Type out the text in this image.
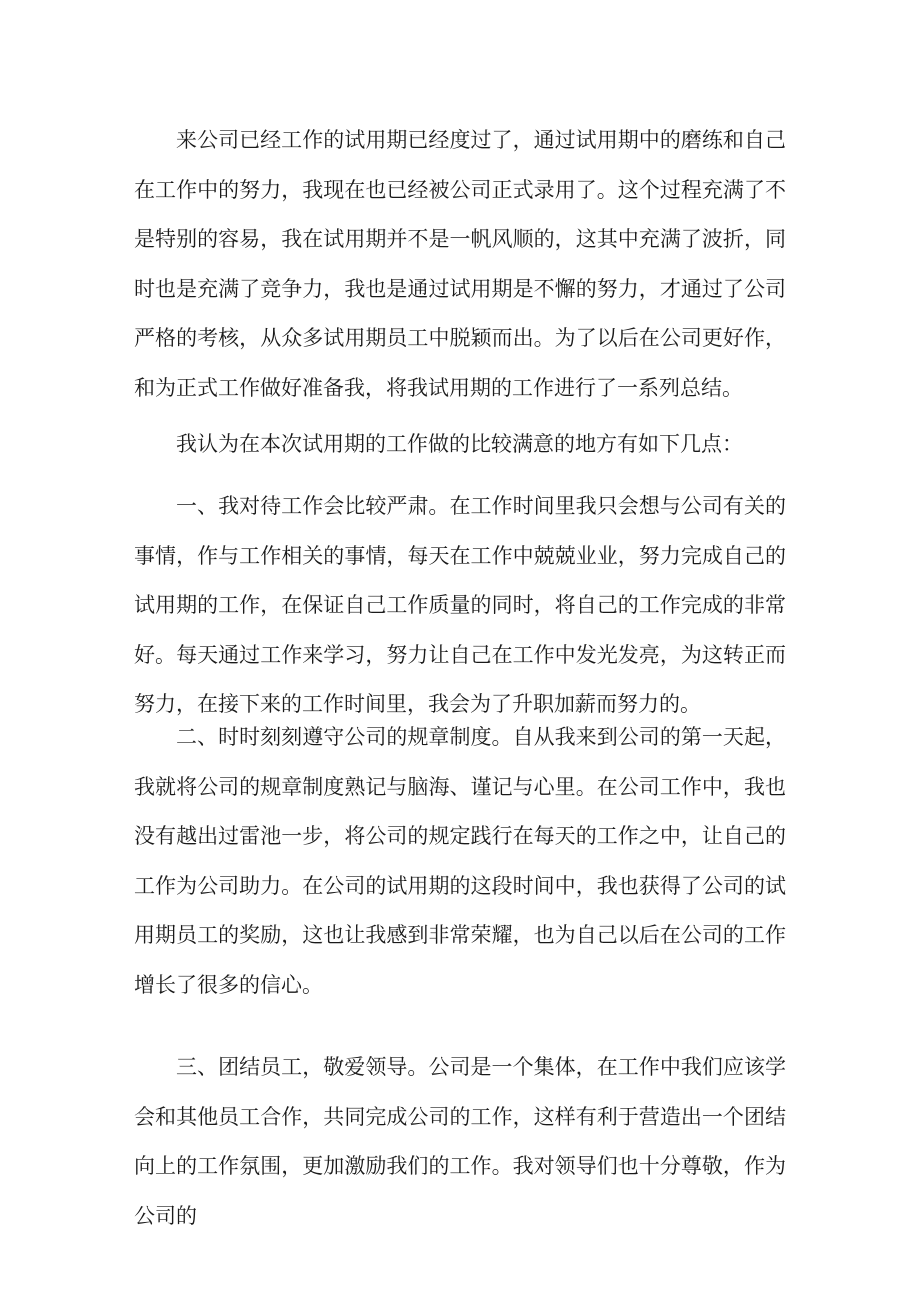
来公司已经工作的试用期已经度过了，通过试用期中的磨练和自己在工作中的努力，我现在也已经被公司正式录用了。这个过程充满了不是特别的容易，我在试用期并不是一帆风顺的，这其中充满了波折，同时也是充满了竞争力，我也是通过试用期是不懈的努力，才通过了公司严格的考核，从众多试用期员工中脱颖而出。为了以后在公司更好作，和为正式工作做好准备我，将我试用期的工作进行了一系列总结。

我认为在本次试用期的工作做的比较满意的地方有如下几点：

一、我对待工作会比较严肃。在工作时间里我只会想与公司有关的事情，作与工作相关的事情，每天在工作中兢兢业业，努力完成自己的试用期的工作，在保证自己工作质量的同时，将自己的工作完成的非常好。每天通过工作来学习，努力让自己在工作中发光发亮，为这转正而努力，在接下来的工作时间里，我会为了升职加薪而努力的。

二、时时刻刻遵守公司的规章制度。自从我来到公司的第一天起，我就将公司的规章制度熟记与脑海、谨记与心里。在公司工作中，我也没有越出过雷池一步，将公司的规定践行在每天的工作之中，让自己的工作为公司助力。在公司的试用期的这段时间中，我也获得了公司的试用期员工的奖励，这也让我感到非常荣耀，也为自己以后在公司的工作增长了很多的信心。

三、团结员工，敬爱领导。公司是一个集体，在工作中我们应该学会和其他员工合作，共同完成公司的工作，这样有利于营造出一个团结向上的工作氛围，更加激励我们的工作。我对领导们也十分尊敬，作为公司的
